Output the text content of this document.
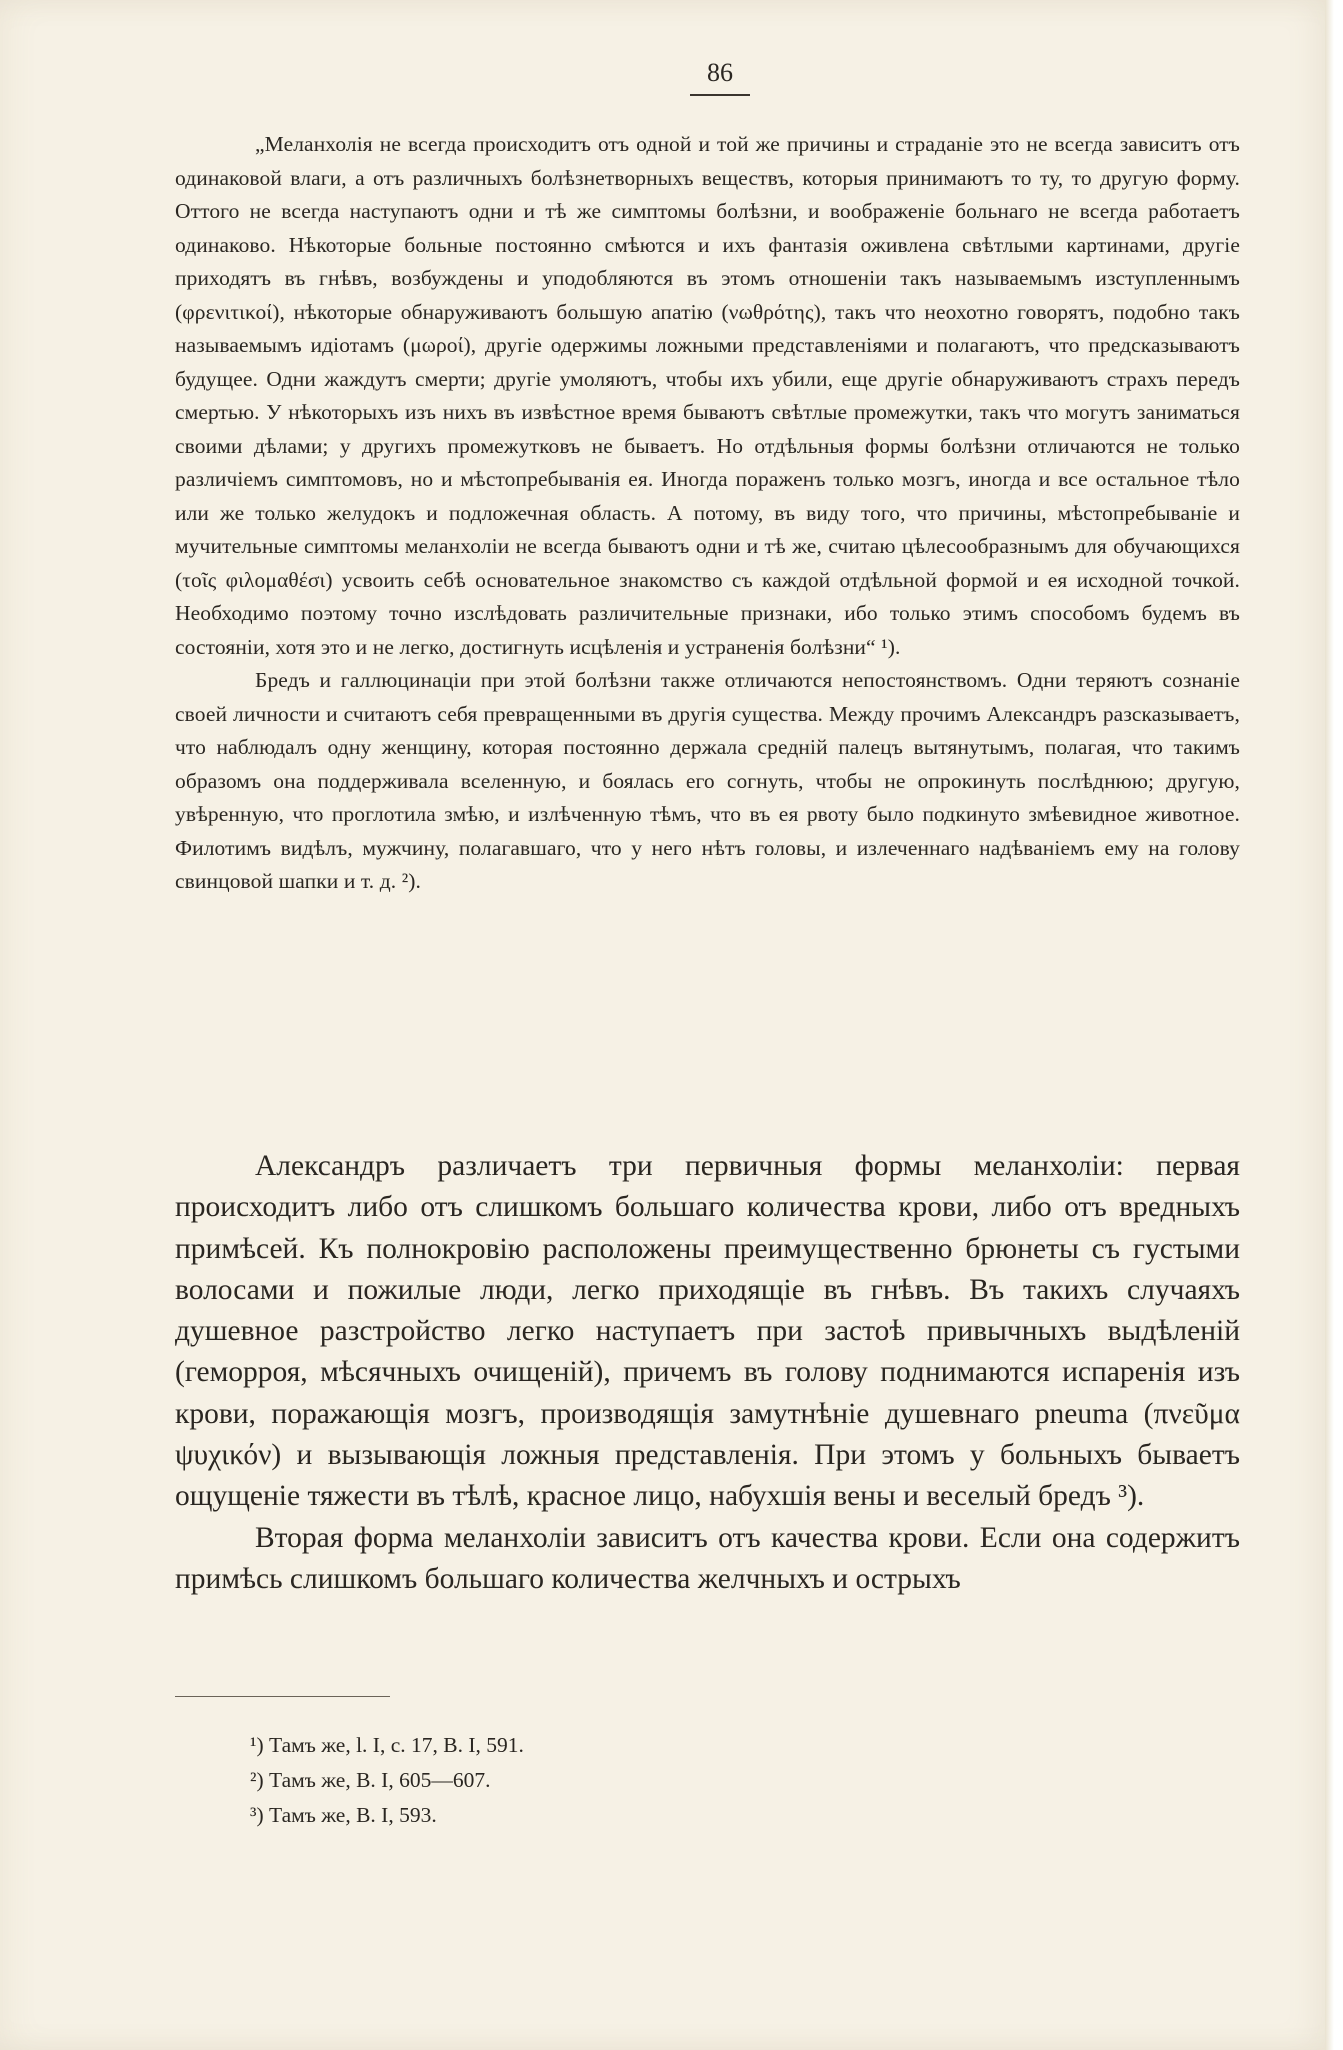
86

„Меланхолія не всегда происходитъ отъ одной и той же причины и страданіе это не всегда зависитъ отъ одинаковой влаги, а отъ различныхъ болѣзнетворныхъ веществъ, которыя принимаютъ то ту, то другую форму. Оттого не всегда наступаютъ одни и тѣ же симптомы болѣзни, и воображеніе больнаго не всегда работаетъ одинаково. Нѣкоторые больные постоянно смѣются и ихъ фантазія оживлена свѣтлыми картинами, другіе приходятъ въ гнѣвъ, возбуждены и уподобляются въ этомъ отношеніи такъ называемымъ изступленнымъ (φρενιτικοί), нѣкоторые обнаруживаютъ большую апатію (νωθρότης), такъ что неохотно говорятъ, подобно такъ называемымъ идіотамъ (μωροί), другіе одержимы ложными представленіями и полагаютъ, что предсказываютъ будущее. Одни жаждутъ смерти; другіе умоляютъ, чтобы ихъ убили, еще другіе обнаруживаютъ страхъ передъ смертью. У нѣкоторыхъ изъ нихъ въ извѣстное время бываютъ свѣтлые промежутки, такъ что могутъ заниматься своими дѣлами; у другихъ промежутковъ не бываетъ. Но отдѣльныя формы болѣзни отличаются не только различіемъ симптомовъ, но и мѣстопребыванія ея. Иногда пораженъ только мозгъ, иногда и все остальное тѣло или же только желудокъ и подложечная область. А потому, въ виду того, что причины, мѣстопребываніе и мучительные симптомы меланхоліи не всегда бываютъ одни и тѣ же, считаю цѣлесообразнымъ для обучающихся (τοῖς φιλομαθέσι) усвоить себѣ основательное знакомство съ каждой отдѣльной формой и ея исходной точкой. Необходимо поэтому точно изслѣдовать различительные признаки, ибо только этимъ способомъ будемъ въ состояніи, хотя это и не легко, достигнуть исцѣленія и устраненія болѣзни“ ¹).

Бредъ и галлюцинаціи при этой болѣзни также отличаются непостоянствомъ. Одни теряютъ сознаніе своей личности и считаютъ себя превращенными въ другія существа. Между прочимъ Александръ разсказываетъ, что наблюдалъ одну женщину, которая постоянно держала средній палецъ вытянутымъ, полагая, что такимъ образомъ она поддерживала вселенную, и боялась его согнуть, чтобы не опрокинуть послѣднюю; другую, увѣренную, что проглотила змѣю, и излѣченную тѣмъ, что въ ея рвоту было подкинуто змѣевидное животное. Филотимъ видѣлъ, мужчину, полагавшаго, что у него нѣтъ головы, и излеченнаго надѣваніемъ ему на голову свинцовой шапки и т. д. ²).

Александръ различаетъ три первичныя формы меланхоліи: первая происходитъ либо отъ слишкомъ большаго количества крови, либо отъ вредныхъ примѣсей. Къ полнокровію расположены преимущественно брюнеты съ густыми волосами и пожилые люди, легко приходящіе въ гнѣвъ. Въ такихъ случаяхъ душевное разстройство легко наступаетъ при застоѣ привычныхъ выдѣленій (геморроя, мѣсячныхъ очищеній), причемъ въ голову поднимаются испаренія изъ крови, поражающія мозгъ, производящія замутнѣніе душевнаго pneuma (πνεῦμα ψυχικόν) и вызывающія ложныя представленія. При этомъ у больныхъ бываетъ ощущеніе тяжести въ тѣлѣ, красное лицо, набухшія вены и веселый бредъ ³).

Вторая форма меланхоліи зависитъ отъ качества крови. Если она содержитъ примѣсь слишкомъ большаго количества желчныхъ и острыхъ

¹) Тамъ же, l. I, c. 17, B. I, 591.
²) Тамъ же, B. I, 605—607.
³) Тамъ же, B. I, 593.
